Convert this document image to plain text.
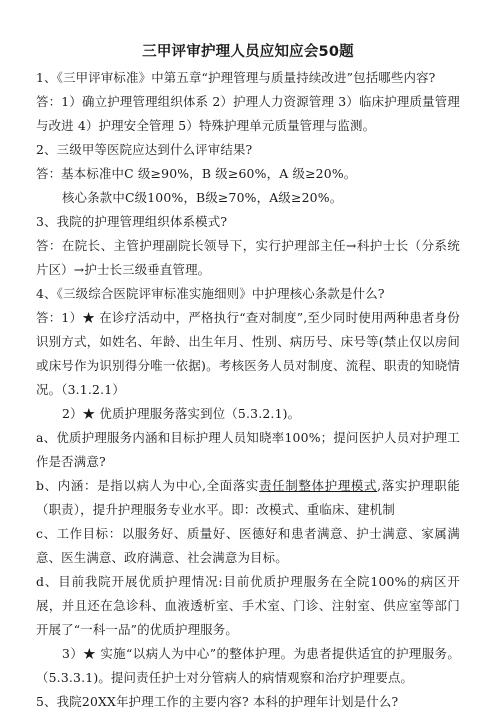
三甲评审护理人员应知应会50题

1、《三甲评审标准》中第五章“护理管理与质量持续改进”包括哪些内容?

答：1）确立护理管理组织体系 2）护理人力资源管理 3）临床护理质量管理与改进 4）护理安全管理 5）特殊护理单元质量管理与监测。

2、三级甲等医院应达到什么评审结果?

答：基本标准中C 级≥90%，B 级≥60%，A 级≥20%。

核心条款中C级100%，B级≥70%，A级≥20%。

3、我院的护理管理组织体系模式?

答：在院长、主管护理副院长领导下，实行护理部主任→科护士长（分系统片区）→护士长三级垂直管理。

4、《三级综合医院评审标准实施细则》中护理核心条款是什么?

答：1）★ 在诊疗活动中，严格执行“查对制度”,至少同时使用两种患者身份识别方式，如姓名、年龄、出生年月、性别、病历号、床号等(禁止仅以房间或床号作为识别得分唯一依据)。考核医务人员对制度、流程、职责的知晓情况。（3.1.2.1）

2）★ 优质护理服务落实到位（5.3.2.1)。

a、优质护理服务内涵和目标护理人员知晓率100%；提问医护人员对护理工作是否满意?

b、内涵：是指以病人为中心,全面落实责任制整体护理模式,落实护理职能（职责），提升护理服务专业水平。即：改模式、重临床、建机制

c、工作目标：以服务好、质量好、医德好和患者满意、护士满意、家属满意、医生满意、政府满意、社会满意为目标。

d、目前我院开展优质护理情况:目前优质护理服务在全院100%的病区开展，并且还在急诊科、血液透析室、手术室、门诊、注射室、供应室等部门开展了“一科一品”的优质护理服务。

3）★ 实施“以病人为中心”的整体护理。为患者提供适宜的护理服务。（5.3.3.1)。提问责任护士对分管病人的病情观察和治疗护理要点。

5、我院20XX年护理工作的主要内容? 本科的护理年计划是什么?
